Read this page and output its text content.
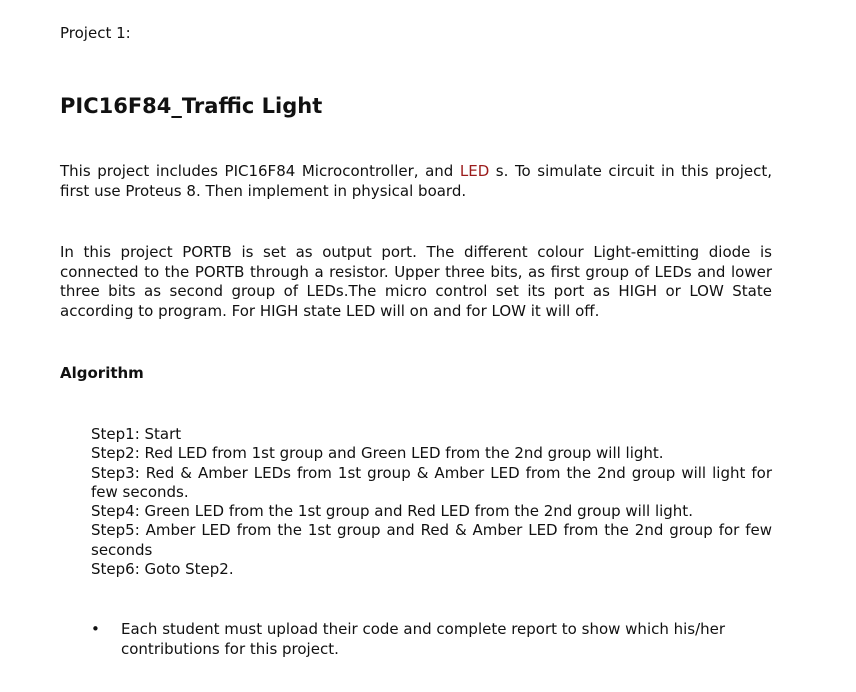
Project 1:
PIC16F84_Traffic Light

This project includes PIC16F84 Microcontroller, and LED s. To simulate circuit in this project, first use Proteus 8. Then implement in physical board.

In this project PORTB is set as output port. The different colour Light-emitting diode is connected to the PORTB through a resistor. Upper three bits, as first group of LEDs and lower three bits as second group of LEDs.The micro control set its port as HIGH or LOW State according to program. For HIGH state LED will on and for LOW it will off.

Algorithm
Step1: Start
Step2: Red LED from 1st group and Green LED from the 2nd group will light.
Step3: Red & Amber LEDs from 1st group & Amber LED from the 2nd group will light for few seconds.
Step4: Green LED from the 1st group and Red LED from the 2nd group will light.
Step5: Amber LED from the 1st group and Red & Amber LED from the 2nd group for few seconds
Step6: Goto Step2.
• Each student must upload their code and complete report to show which his/her contributions for this project.
